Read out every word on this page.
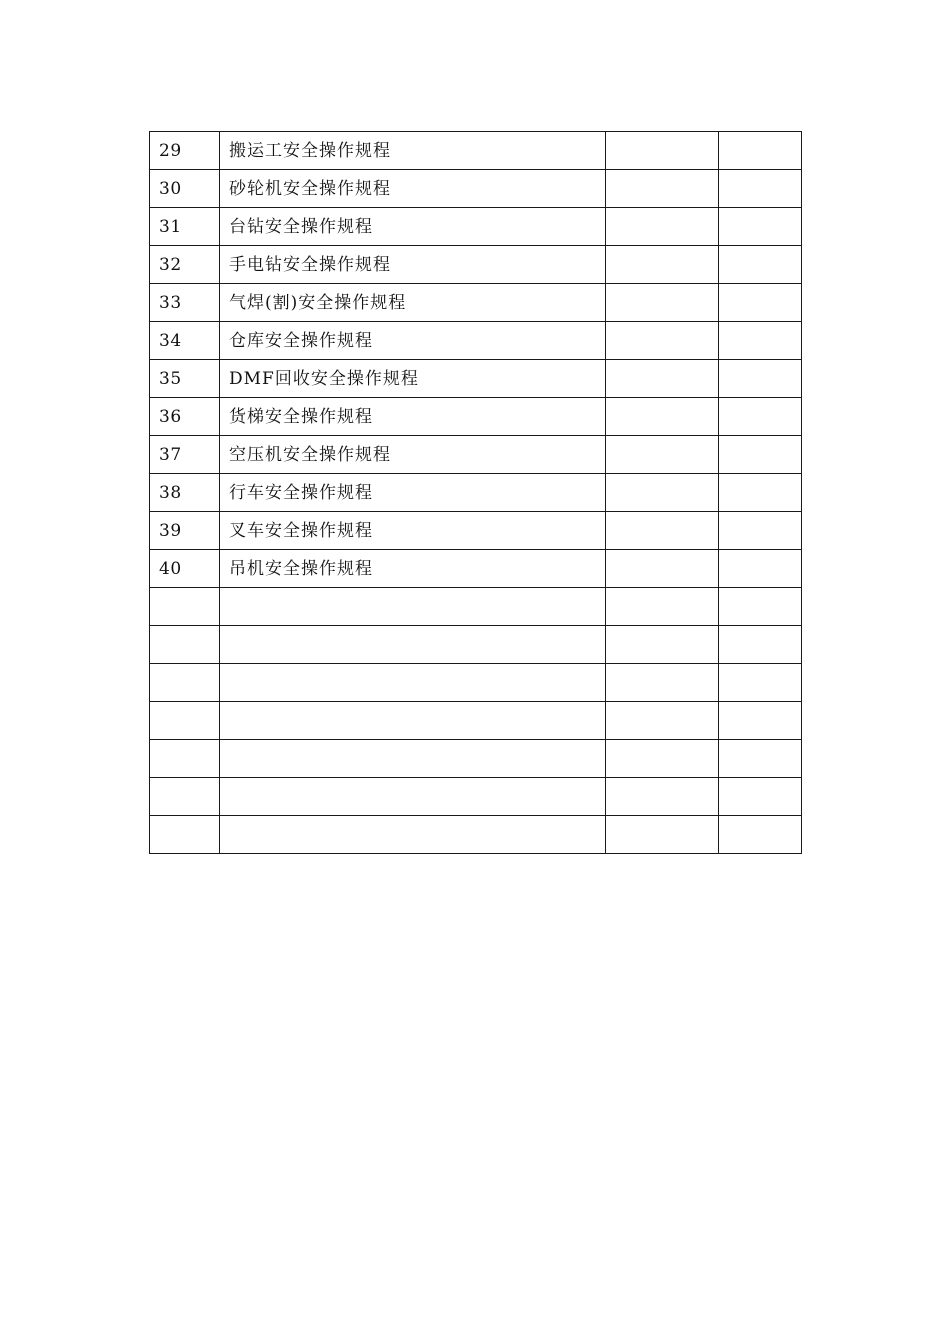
29	搬运工安全操作规程		
30	砂轮机安全操作规程		
31	台钻安全操作规程		
32	手电钻安全操作规程		
33	气焊(割)安全操作规程		
34	仓库安全操作规程		
35	DMF回收安全操作规程		
36	货梯安全操作规程		
37	空压机安全操作规程		
38	行车安全操作规程		
39	叉车安全操作规程		
40	吊机安全操作规程		
